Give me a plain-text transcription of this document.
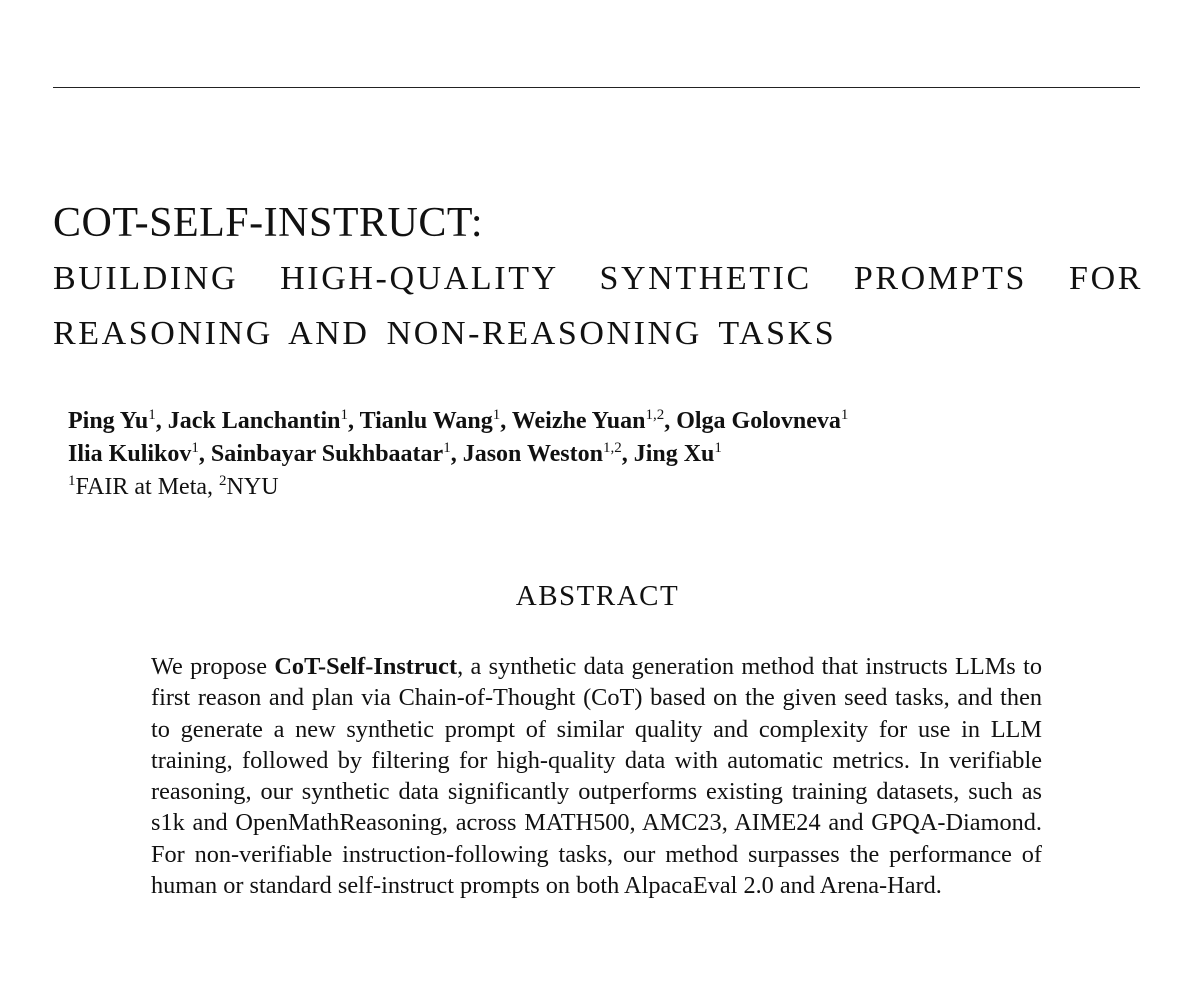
COT-SELF-INSTRUCT:
BUILDING HIGH-QUALITY SYNTHETIC PROMPTS FOR
REASONING AND NON-REASONING TASKS
Ping Yu$^1$, Jack Lanchantin$^1$, Tianlu Wang$^1$, Weizhe Yuan$^{1,2}$, Olga Golovneva$^1$
Ilia Kulikov$^1$, Sainbayar Sukhbaatar$^1$, Jason Weston$^{1,2}$, Jing Xu$^1$
$^1$FAIR at Meta, $^2$NYU
ABSTRACT
We propose CoT-Self-Instruct, a synthetic data generation method that instructs LLMs to first reason and plan via Chain-of-Thought (CoT) based on the given seed tasks, and then to generate a new synthetic prompt of similar quality and complexity for use in LLM training, followed by filtering for high-quality data with automatic metrics. In verifiable reasoning, our synthetic data significantly outperforms existing training datasets, such as s1k and OpenMathReasoning, across MATH500, AMC23, AIME24 and GPQA-Diamond. For non-verifiable instruction-following tasks, our method surpasses the performance of human or standard self-instruct prompts on both AlpacaEval 2.0 and Arena-Hard.
